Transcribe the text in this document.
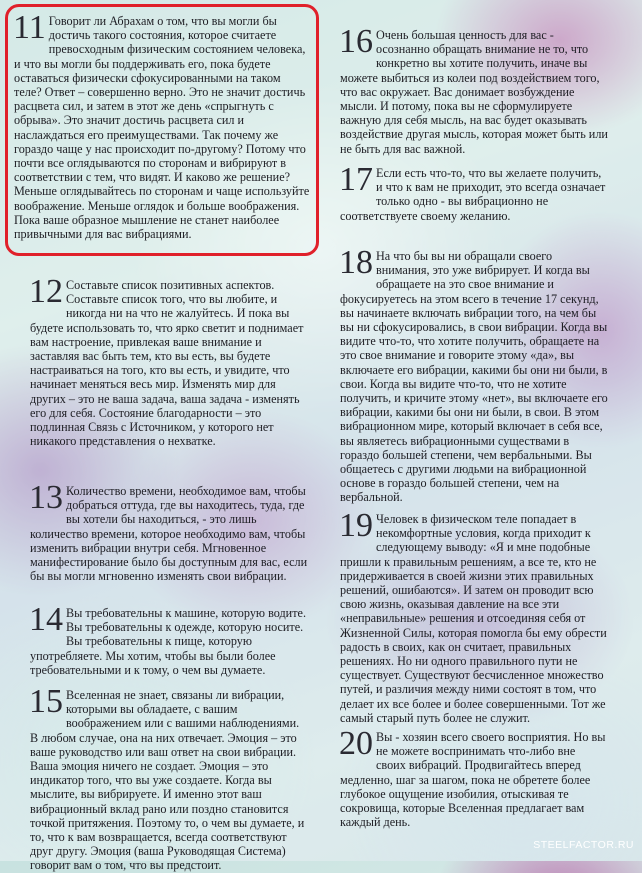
11 Говорит ли Абрахам о том, что вы могли бы достичь такого состояния, которое считаете превосходным физическим состоянием человека, и что вы могли бы поддерживать его, пока будете оставаться физически сфокусированными на таком теле? Ответ – совершенно верно. Это не значит достичь расцвета сил, и затем в этот же день «спрыгнуть с обрыва». Это значит достичь расцвета сил и наслаждаться его преимуществами. Так почему же гораздо чаще у нас происходит по-другому? Потому что почти все оглядываются по сторонам и вибрируют в соответствии с тем, что видят. И каково же решение? Меньше оглядывайтесь по сторонам и чаще используйте воображение. Меньше оглядок и больше воображения. Пока ваше образное мышление не станет наиболее привычными для вас вибрациями.
12 Составьте список позитивных аспектов. Составьте список того, что вы любите, и никогда ни на что не жалуйтесь. И пока вы будете использовать то, что ярко светит и поднимает вам настроение, привлекая ваше внимание и заставляя вас быть тем, кто вы есть, вы будете настраиваться на того, кто вы есть, и увидите, что начинает меняться весь мир. Изменять мир для других – это не ваша задача, ваша задача - изменять его для себя. Состояние благодарности – это подлинная Связь с Источником, у которого нет никакого представления о нехватке.
13 Количество времени, необходимое вам, чтобы добраться оттуда, где вы находитесь, туда, где вы хотели бы находиться, - это лишь количество времени, которое необходимо вам, чтобы изменить вибрации внутри себя. Мгновенное манифестирование было бы доступным для вас, если бы вы могли мгновенно изменять свои вибрации.
14 Вы требовательны к машине, которую водите. Вы требовательны к одежде, которую носите. Вы требовательны к пище, которую употребляете. Мы хотим, чтобы вы были более требовательными и к тому, о чем вы думаете.
15 Вселенная не знает, связаны ли вибрации, которыми вы обладаете, с вашим воображением или с вашими наблюдениями. В любом случае, она на них отвечает. Эмоция – это ваше руководство или ваш ответ на свои вибрации. Ваша эмоция ничего не создает. Эмоция – это индикатор того, что вы уже создаете. Когда вы мыслите, вы вибрируете. И именно этот ваш вибрационный вклад рано или поздно становится точкой притяжения. Поэтому то, о чем вы думаете, и то, что к вам возвращается, всегда соответствуют друг другу. Эмоция (ваша Руководящая Система) говорит вам о том, что вы предстоит.
16 Очень большая ценность для вас - осознанно обращать внимание не то, что конкретно вы хотите получить, иначе вы можете выбиться из колеи под воздействием того, что вас окружает. Вас донимает возбуждение мысли. И потому, пока вы не сформулируете важную для себя мысль, на вас будет оказывать воздействие другая мысль, которая может быть или не быть для вас важной.
17 Если есть что-то, что вы желаете получить, и что к вам не приходит, это всегда означает только одно - вы вибрационно не соответствуете своему желанию.
18 На что бы вы ни обращали своего внимания, это уже вибрирует. И когда вы обращаете на это свое внимание и фокусируетесь на этом всего в течение 17 секунд, вы начинаете включать вибрации того, на чем бы вы ни сфокусировались, в свои вибрации. Когда вы видите что-то, что хотите получить, обращаете на это свое внимание и говорите этому «да», вы включаете его вибрации, какими бы они ни были, в свои. Когда вы видите что-то, что не хотите получить, и кричите этому «нет», вы включаете его вибрации, какими бы они ни были, в свои. В этом вибрационном мире, который включает в себя все, вы являетесь вибрационными существами в гораздо большей степени, чем вербальными. Вы общаетесь с другими людьми на вибрационной основе в гораздо большей степени, чем на вербальной.
19 Человек в физическом теле попадает в некомфортные условия, когда приходит к следующему выводу: «Я и мне подобные пришли к правильным решениям, а все те, кто не придерживается в своей жизни этих правильных решений, ошибаются». И затем он проводит всю свою жизнь, оказывая давление на все эти «неправильные» решения и отсоединяя себя от Жизненной Силы, которая помогла бы ему обрести радость в своих, как он считает, правильных решениях. Но ни одного правильного пути не существует. Существуют бесчисленное множество путей, и различия между ними состоят в том, что делает их все более и более совершенными. Тот же самый старый путь более не служит.
20 Вы - хозяин всего своего восприятия. Но вы не можете воспринимать что-либо вне своих вибраций. Продвигайтесь вперед медленно, шаг за шагом, пока не обретете более глубокое ощущение изобилия, отыскивая те сокровища, которые Вселенная предлагает вам каждый день.
STEELFACTOR.RU
